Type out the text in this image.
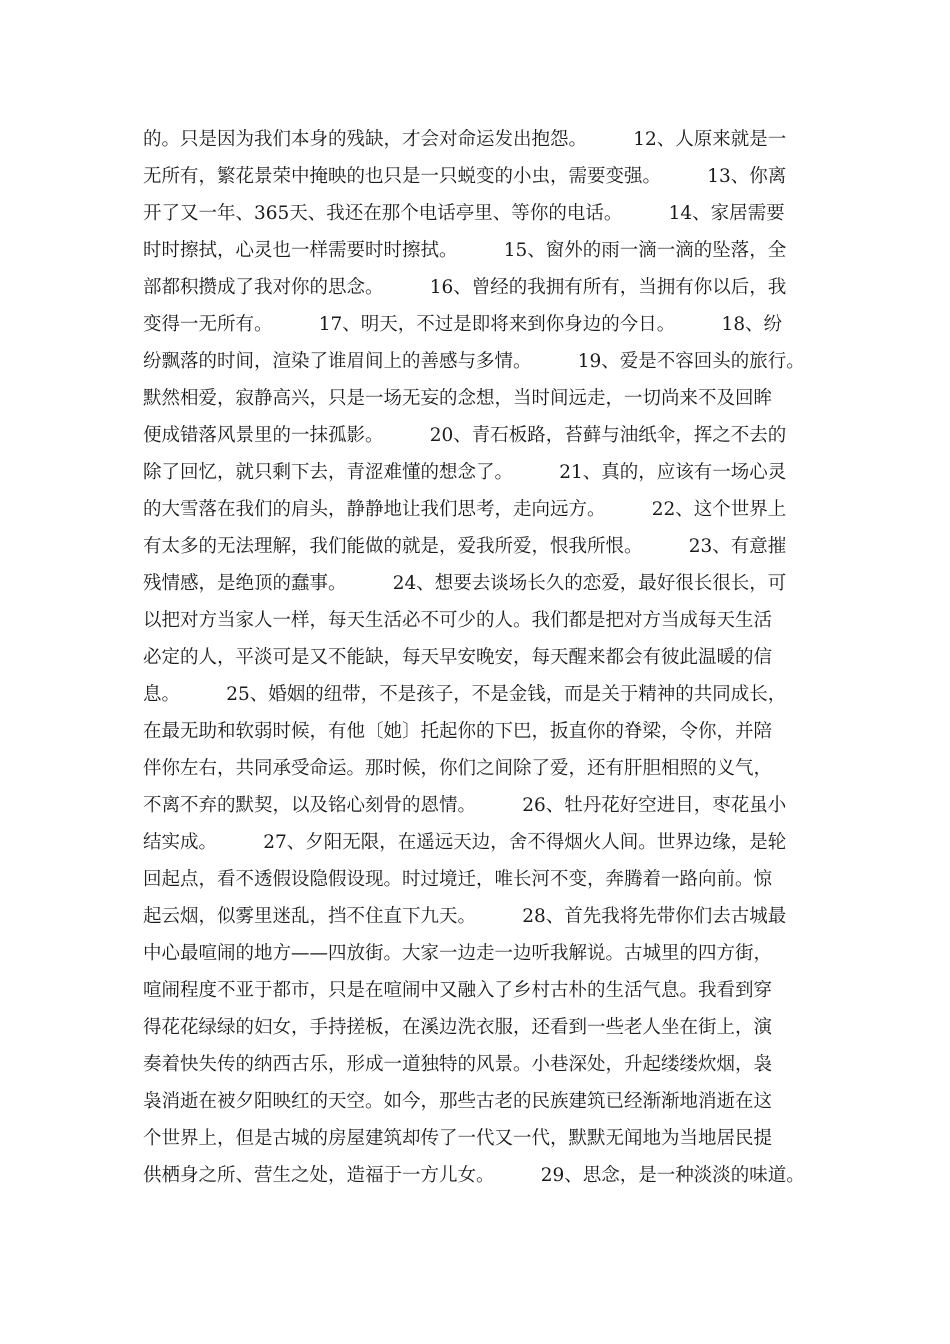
的。只是因为我们本身的残缺，才会对命运发出抱怨。　　　12、人原来就是一
无所有，繁花景荣中掩映的也只是一只蜕变的小虫，需要变强。　　　13、你离
开了又一年、365天、我还在那个电话亭里、等你的电话。　　　14、家居需要
时时擦拭，心灵也一样需要时时擦拭。　　　15、窗外的雨一滴一滴的坠落，全
部都积攒成了我对你的思念。　　　16、曾经的我拥有所有，当拥有你以后，我
变得一无所有。　　　17、明天，不过是即将来到你身边的今日。　　　18、纷
纷飘落的时间，渲染了谁眉间上的善感与多情。　　　19、爱是不容回头的旅行。
默然相爱，寂静高兴，只是一场无妄的念想，当时间远走，一切尚来不及回眸
便成错落风景里的一抹孤影。　　　20、青石板路，苔藓与油纸伞，挥之不去的
除了回忆，就只剩下去，青涩难懂的想念了。　　　21、真的，应该有一场心灵
的大雪落在我们的肩头，静静地让我们思考，走向远方。　　　22、这个世界上
有太多的无法理解，我们能做的就是，爱我所爱，恨我所恨。　　　23、有意摧
残情感，是绝顶的蠢事。　　　24、想要去谈场长久的恋爱，最好很长很长，可
以把对方当家人一样，每天生活必不可少的人。我们都是把对方当成每天生活
必定的人，平淡可是又不能缺，每天早安晚安，每天醒来都会有彼此温暖的信
息。　　　25、婚姻的纽带，不是孩子，不是金钱，而是关于精神的共同成长，
在最无助和软弱时候，有他〔她〕托起你的下巴，扳直你的脊梁，令你，并陪
伴你左右，共同承受命运。那时候，你们之间除了爱，还有肝胆相照的义气，
不离不弃的默契，以及铭心刻骨的恩情。　　　26、牡丹花好空进目，枣花虽小
结实成。　　　27、夕阳无限，在遥远天边，舍不得烟火人间。世界边缘，是轮
回起点，看不透假设隐假设现。时过境迁，唯长河不变，奔腾着一路向前。惊
起云烟，似雾里迷乱，挡不住直下九天。　　　28、首先我将先带你们去古城最
中心最喧闹的地方——四放街。大家一边走一边听我解说。古城里的四方街，
喧闹程度不亚于都市，只是在喧闹中又融入了乡村古朴的生活气息。我看到穿
得花花绿绿的妇女，手持搓板，在溪边洗衣服，还看到一些老人坐在街上，演
奏着快失传的纳西古乐，形成一道独特的风景。小巷深处，升起缕缕炊烟，袅
袅消逝在被夕阳映红的天空。如今，那些古老的民族建筑已经渐渐地消逝在这
个世界上，但是古城的房屋建筑却传了一代又一代，默默无闻地为当地居民提
供栖身之所、营生之处，造福于一方儿女。　　　29、思念，是一种淡淡的味道。
